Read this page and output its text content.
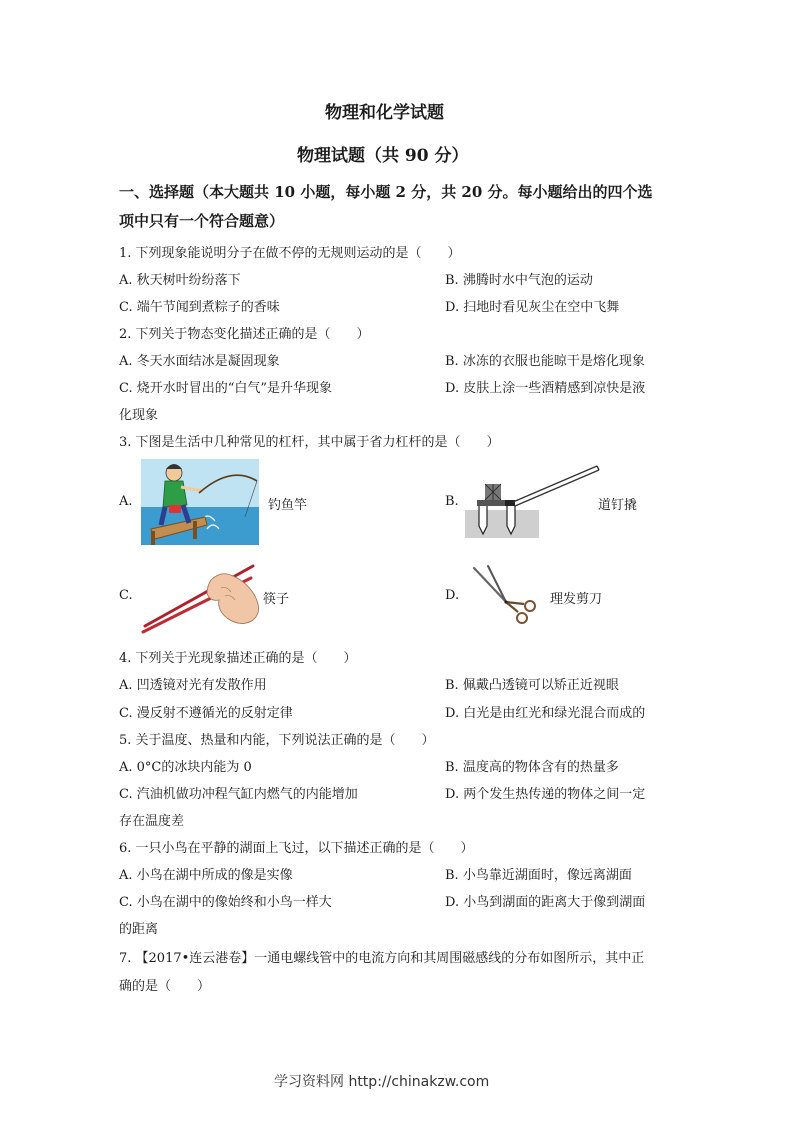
物理和化学试题
物理试题（共 90 分）
一、选择题（本大题共 10 小题，每小题 2 分，共 20 分。每小题给出的四个选
项中只有一个符合题意）
1. 下列现象能说明分子在做不停的无规则运动的是（　　）
A. 秋天树叶纷纷落下	B. 沸腾时水中气泡的运动
C. 端午节闻到煮粽子的香味	D. 扫地时看见灰尘在空中飞舞
2. 下列关于物态变化描述正确的是（　　）
A. 冬天水面结冰是凝固现象	B. 冰冻的衣服也能晾干是熔化现象
C. 烧开水时冒出的“白气”是升华现象	D. 皮肤上涂一些酒精感到凉快是液
化现象
3. 下图是生活中几种常见的杠杆，其中属于省力杠杆的是（　　）
A.	钓鱼竿	B.	道钉撬
C.	筷子	D.	理发剪刀
4. 下列关于光现象描述正确的是（　　）
A. 凹透镜对光有发散作用	B. 佩戴凸透镜可以矫正近视眼
C. 漫反射不遵循光的反射定律	D. 白光是由红光和绿光混合而成的
5. 关于温度、热量和内能，下列说法正确的是（　　）
A. 0°C的冰块内能为 0	B. 温度高的物体含有的热量多
C. 汽油机做功冲程气缸内燃气的内能增加	D. 两个发生热传递的物体之间一定
存在温度差
6. 一只小鸟在平静的湖面上飞过，以下描述正确的是（　　）
A. 小鸟在湖中所成的像是实像	B. 小鸟靠近湖面时，像远离湖面
C. 小鸟在湖中的像始终和小鸟一样大	D. 小鸟到湖面的距离大于像到湖面
的距离
7. 【2017•连云港卷】一通电螺线管中的电流方向和其周围磁感线的分布如图所示，其中正
确的是（　　）
学习资料网 http://chinakzw.com
